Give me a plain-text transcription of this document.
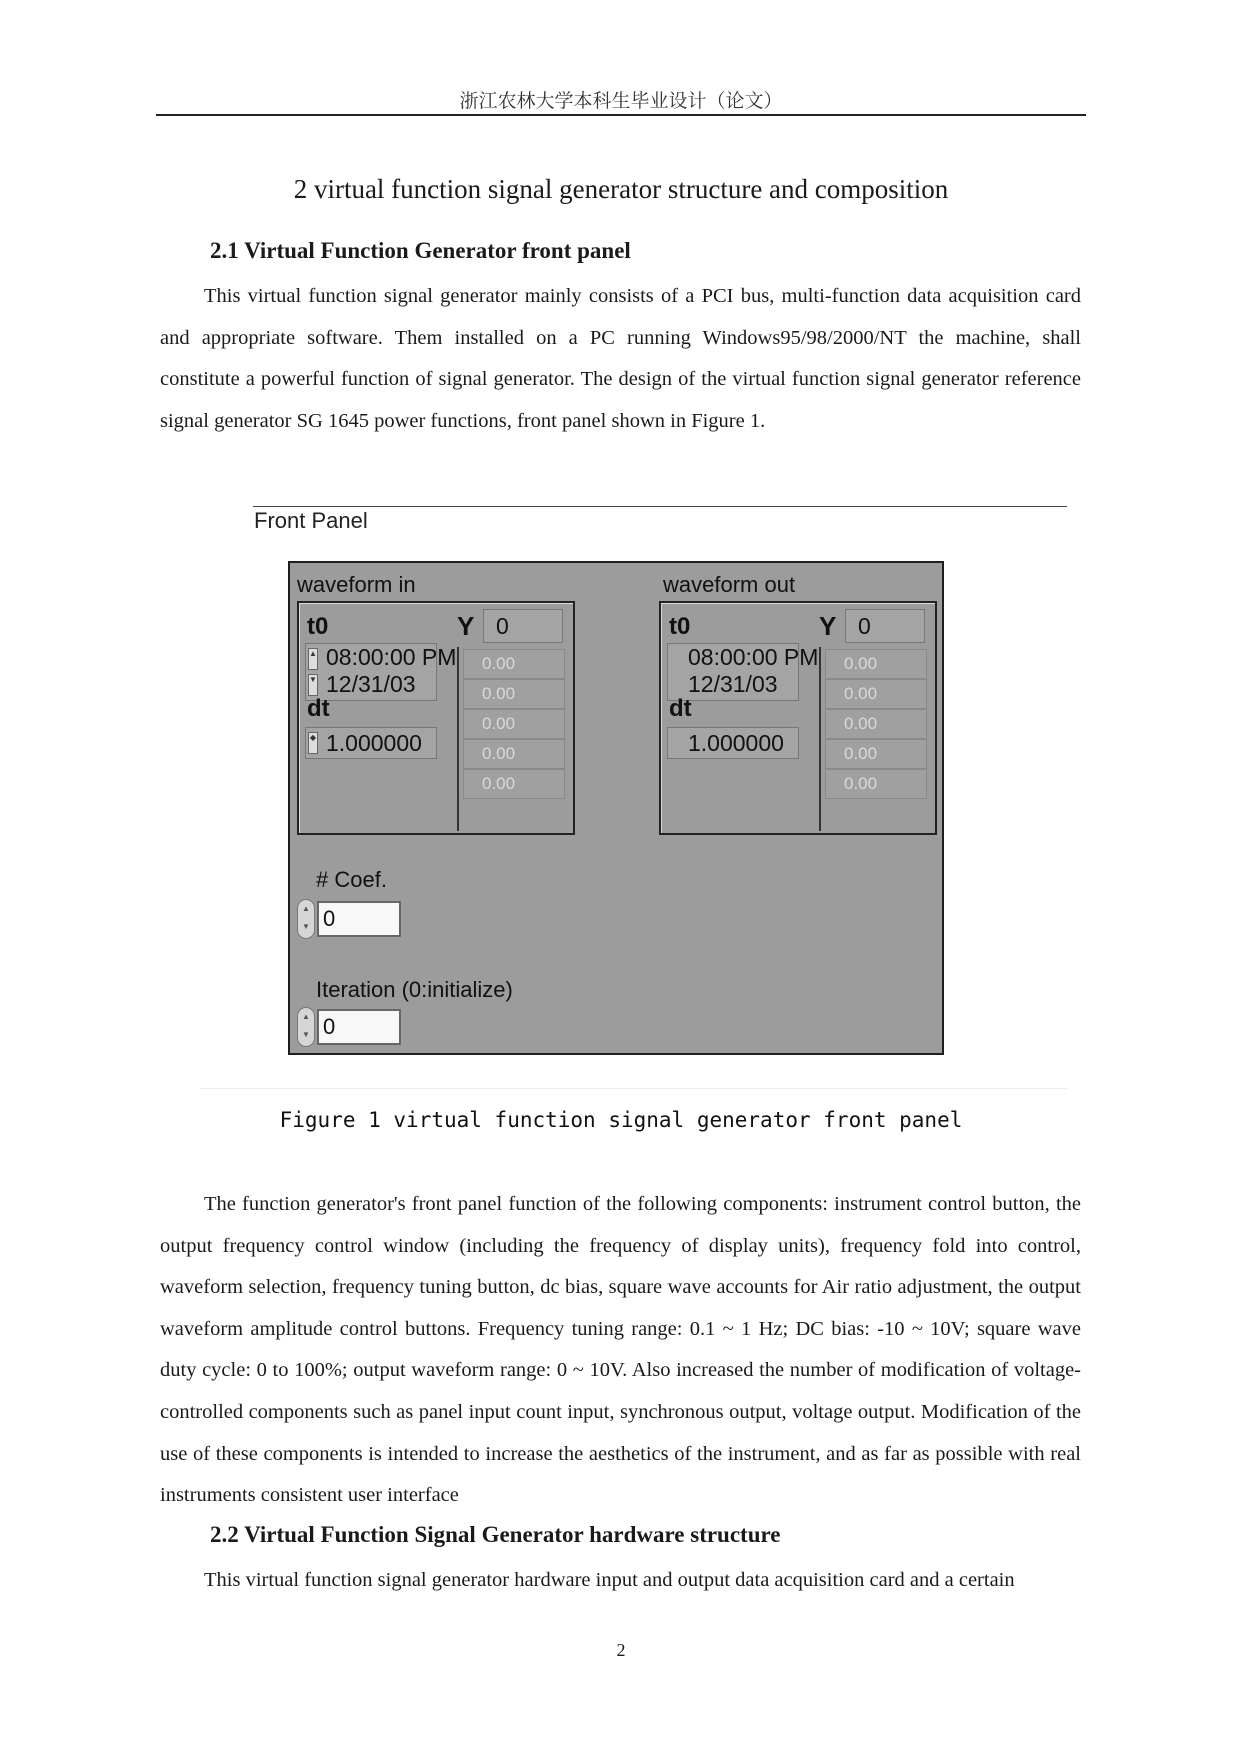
浙江农林大学本科生毕业设计（论文）
2 virtual function signal generator structure and composition
2.1 Virtual Function Generator front panel

This virtual function signal generator mainly consists of a PCI bus, multi-function data acquisition card and appropriate software. Them installed on a PC running Windows95/98/2000/NT the machine, shall constitute a powerful function of signal generator. The design of the virtual function signal generator reference signal generator SG 1645 power functions, front panel shown in Figure 1.

Front Panel
waveform in	waveform out
t0
▲
▼
08:00:00 PM
12/31/03
dt
◆ 1.000000
Y 0
0.00
0.00
0.00
0.00
0.00
t0
08:00:00 PM
12/31/03
dt
1.000000
Y 0
0.00
0.00
0.00
0.00
0.00
# Coef.
▲
▼ 0
Iteration (0:initialize)
▲
▼ 0
Figure 1 virtual function signal generator front panel

The function generator's front panel function of the following components: instrument control button, the output frequency control window (including the frequency of display units), frequency fold into control, waveform selection, frequency tuning button, dc bias, square wave accounts for Air ratio adjustment, the output waveform amplitude control buttons. Frequency tuning range: 0.1 ~ 1 Hz; DC bias: -10 ~ 10V; square wave duty cycle: 0 to 100%; output waveform range: 0 ~ 10V. Also increased the number of modification of voltage-controlled components such as panel input count input, synchronous output, voltage output. Modification of the use of these components is intended to increase the aesthetics of the instrument, and as far as possible with real instruments consistent user interface

2.2 Virtual Function Signal Generator hardware structure

This virtual function signal generator hardware input and output data acquisition card and a certain

2
